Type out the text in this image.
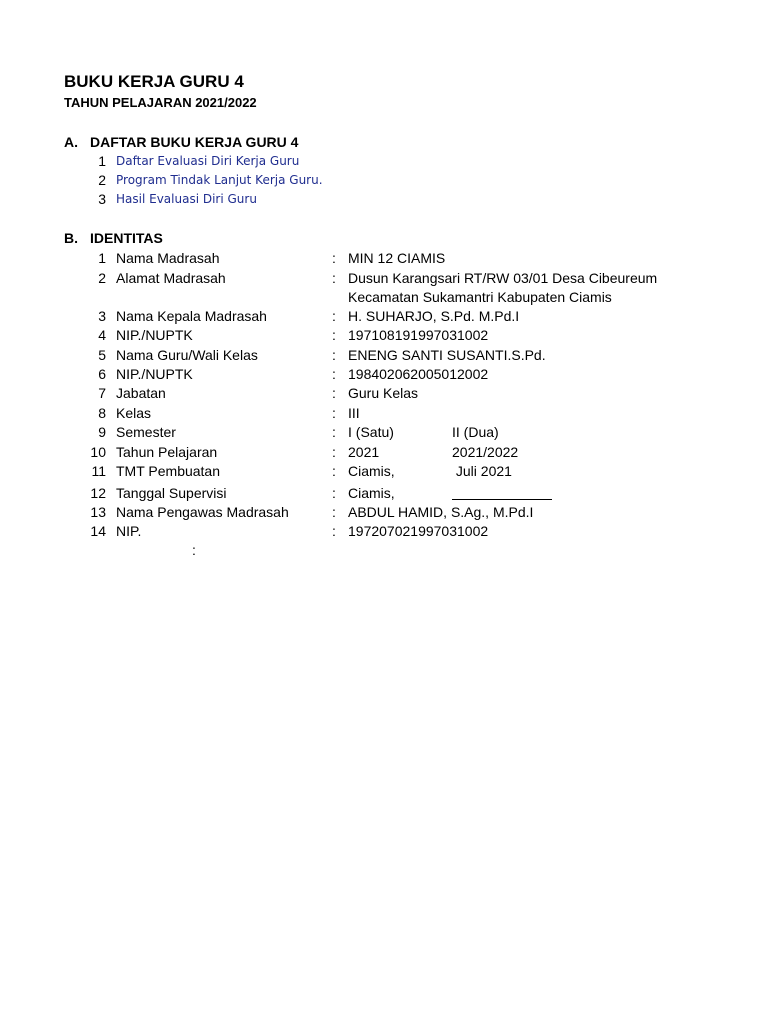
BUKU KERJA GURU 4
TAHUN PELAJARAN 2021/2022
A. DAFTAR BUKU KERJA GURU 4
1 Daftar Evaluasi Diri Kerja Guru
2 Program Tindak Lanjut Kerja Guru.
3 Hasil Evaluasi Diri Guru
B. IDENTITAS
1 Nama Madrasah	: MIN 12 CIAMIS
2 Alamat Madrasah	: Dusun Karangsari RT/RW 03/01 Desa Cibeureum
Kecamatan Sukamantri Kabupaten Ciamis
3 Nama Kepala Madrasah	: H. SUHARJO, S.Pd. M.Pd.I
4 NIP./NUPTK	: 197108191997031002
5 Nama Guru/Wali Kelas	: ENENG SANTI SUSANTI.S.Pd.
6 NIP./NUPTK	: 198402062005012002
7 Jabatan	: Guru Kelas
8 Kelas	: III
9 Semester	: I (Satu)	II (Dua)
10 Tahun Pelajaran	: 2021	2021/2022
11 TMT Pembuatan	: Ciamis,	Juli 2021
12 Tanggal Supervisi	: Ciamis,
13 Nama Pengawas Madrasah	: ABDUL HAMID, S.Ag., M.Pd.I
14 NIP.	: 197207021997031002
:
